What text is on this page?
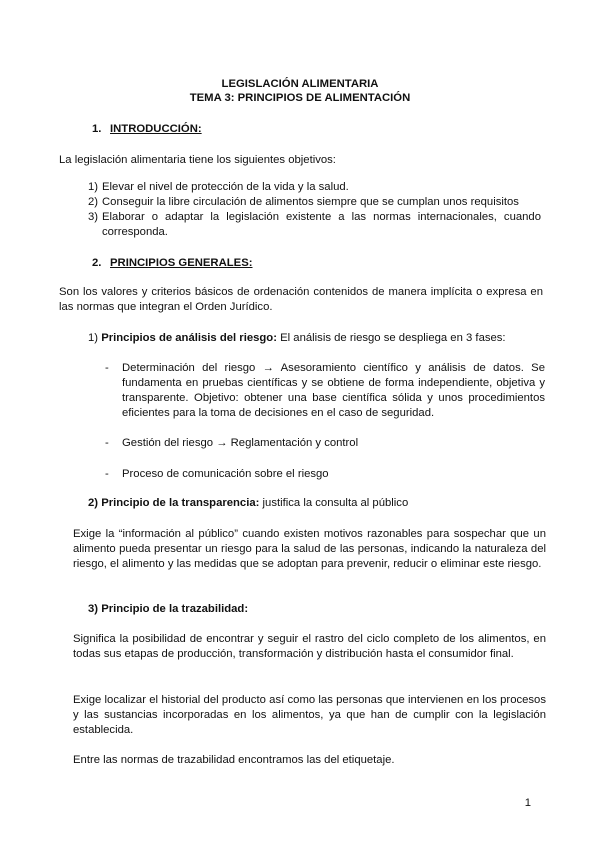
LEGISLACIÓN ALIMENTARIA
TEMA 3: PRINCIPIOS DE ALIMENTACIÓN
1. INTRODUCCIÓN:
La legislación alimentaria tiene los siguientes objetivos:
1) Elevar el nivel de protección de la vida y la salud.
2) Conseguir la libre circulación de alimentos siempre que se cumplan unos requisitos
3) Elaborar o adaptar la legislación existente a las normas internacionales, cuando corresponda.
2. PRINCIPIOS GENERALES:
Son los valores y criterios básicos de ordenación contenidos de manera implícita o expresa en las normas que integran el Orden Jurídico.
1) Principios de análisis del riesgo: El análisis de riesgo se despliega en 3 fases:
- Determinación del riesgo → Asesoramiento científico y análisis de datos. Se fundamenta en pruebas científicas y se obtiene de forma independiente, objetiva y transparente. Objetivo: obtener una base científica sólida y unos procedimientos eficientes para la toma de decisiones en el caso de seguridad.
- Gestión del riesgo → Reglamentación y control
- Proceso de comunicación sobre el riesgo
2) Principio de la transparencia: justifica la consulta al público
Exige la “información al público” cuando existen motivos razonables para sospechar que un alimento pueda presentar un riesgo para la salud de las personas, indicando la naturaleza del riesgo, el alimento y las medidas que se adoptan para prevenir, reducir o eliminar este riesgo.
3) Principio de la trazabilidad:
Significa la posibilidad de encontrar y seguir el rastro del ciclo completo de los alimentos, en todas sus etapas de producción, transformación y distribución hasta el consumidor final.
Exige localizar el historial del producto así como las personas que intervienen en los procesos y las sustancias incorporadas en los alimentos, ya que han de cumplir con la legislación establecida.
Entre las normas de trazabilidad encontramos las del etiquetaje.
1
